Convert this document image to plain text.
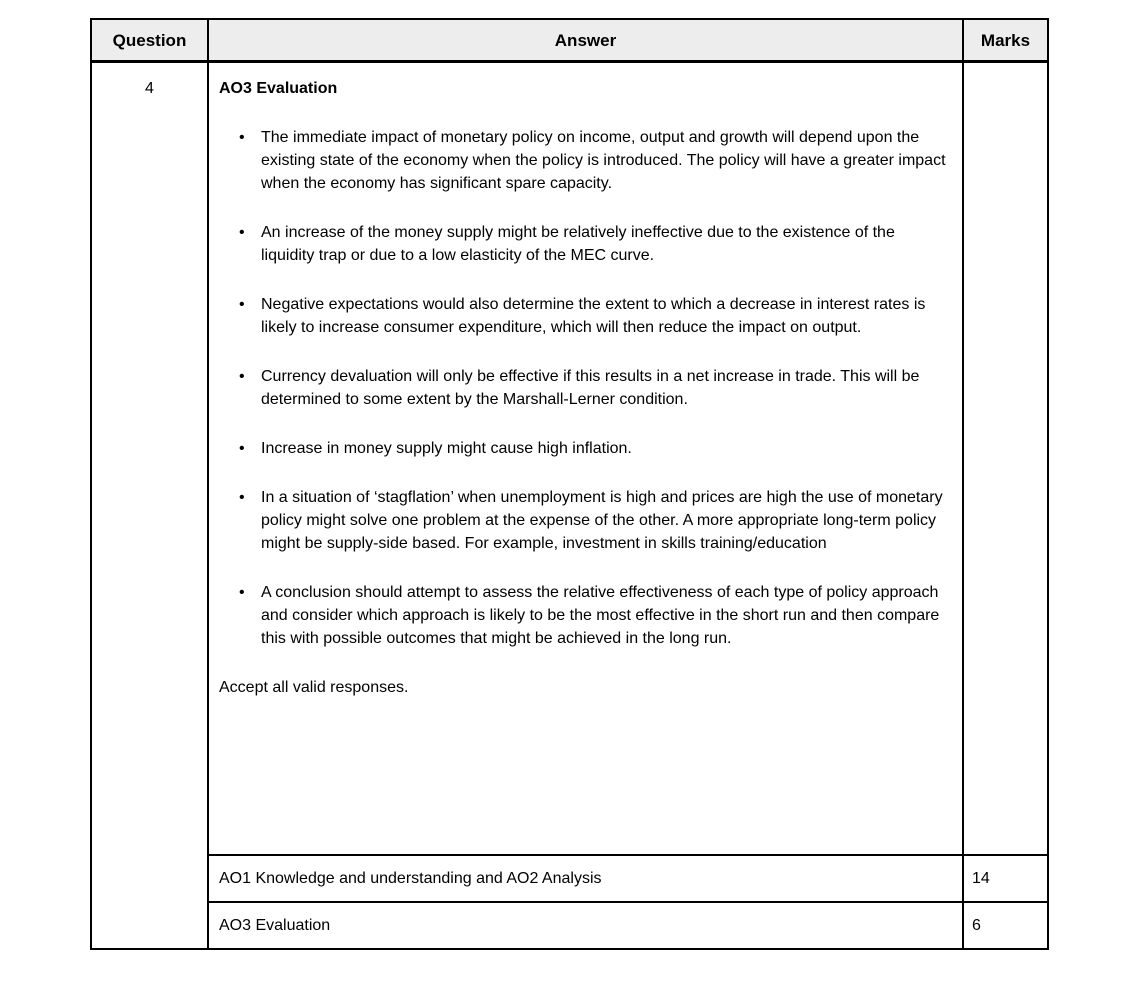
Question	Answer	Marks
4	AO3 Evaluation
• The immediate impact of monetary policy on income, output and growth will depend upon the existing state of the economy when the policy is introduced. The policy will have a greater impact when the economy has significant spare capacity.
• An increase of the money supply might be relatively ineffective due to the existence of the liquidity trap or due to a low elasticity of the MEC curve.
• Negative expectations would also determine the extent to which a decrease in interest rates is likely to increase consumer expenditure, which will then reduce the impact on output.
• Currency devaluation will only be effective if this results in a net increase in trade. This will be determined to some extent by the Marshall-Lerner condition.
• Increase in money supply might cause high inflation.
• In a situation of ‘stagflation’ when unemployment is high and prices are high the use of monetary policy might solve one problem at the expense of the other. A more appropriate long-term policy might be supply-side based. For example, investment in skills training/education
• A conclusion should attempt to assess the relative effectiveness of each type of policy approach and consider which approach is likely to be the most effective in the short run and then compare this with possible outcomes that might be achieved in the long run.
Accept all valid responses.

	AO1 Knowledge and understanding and AO2 Analysis	14
	AO3 Evaluation	6
